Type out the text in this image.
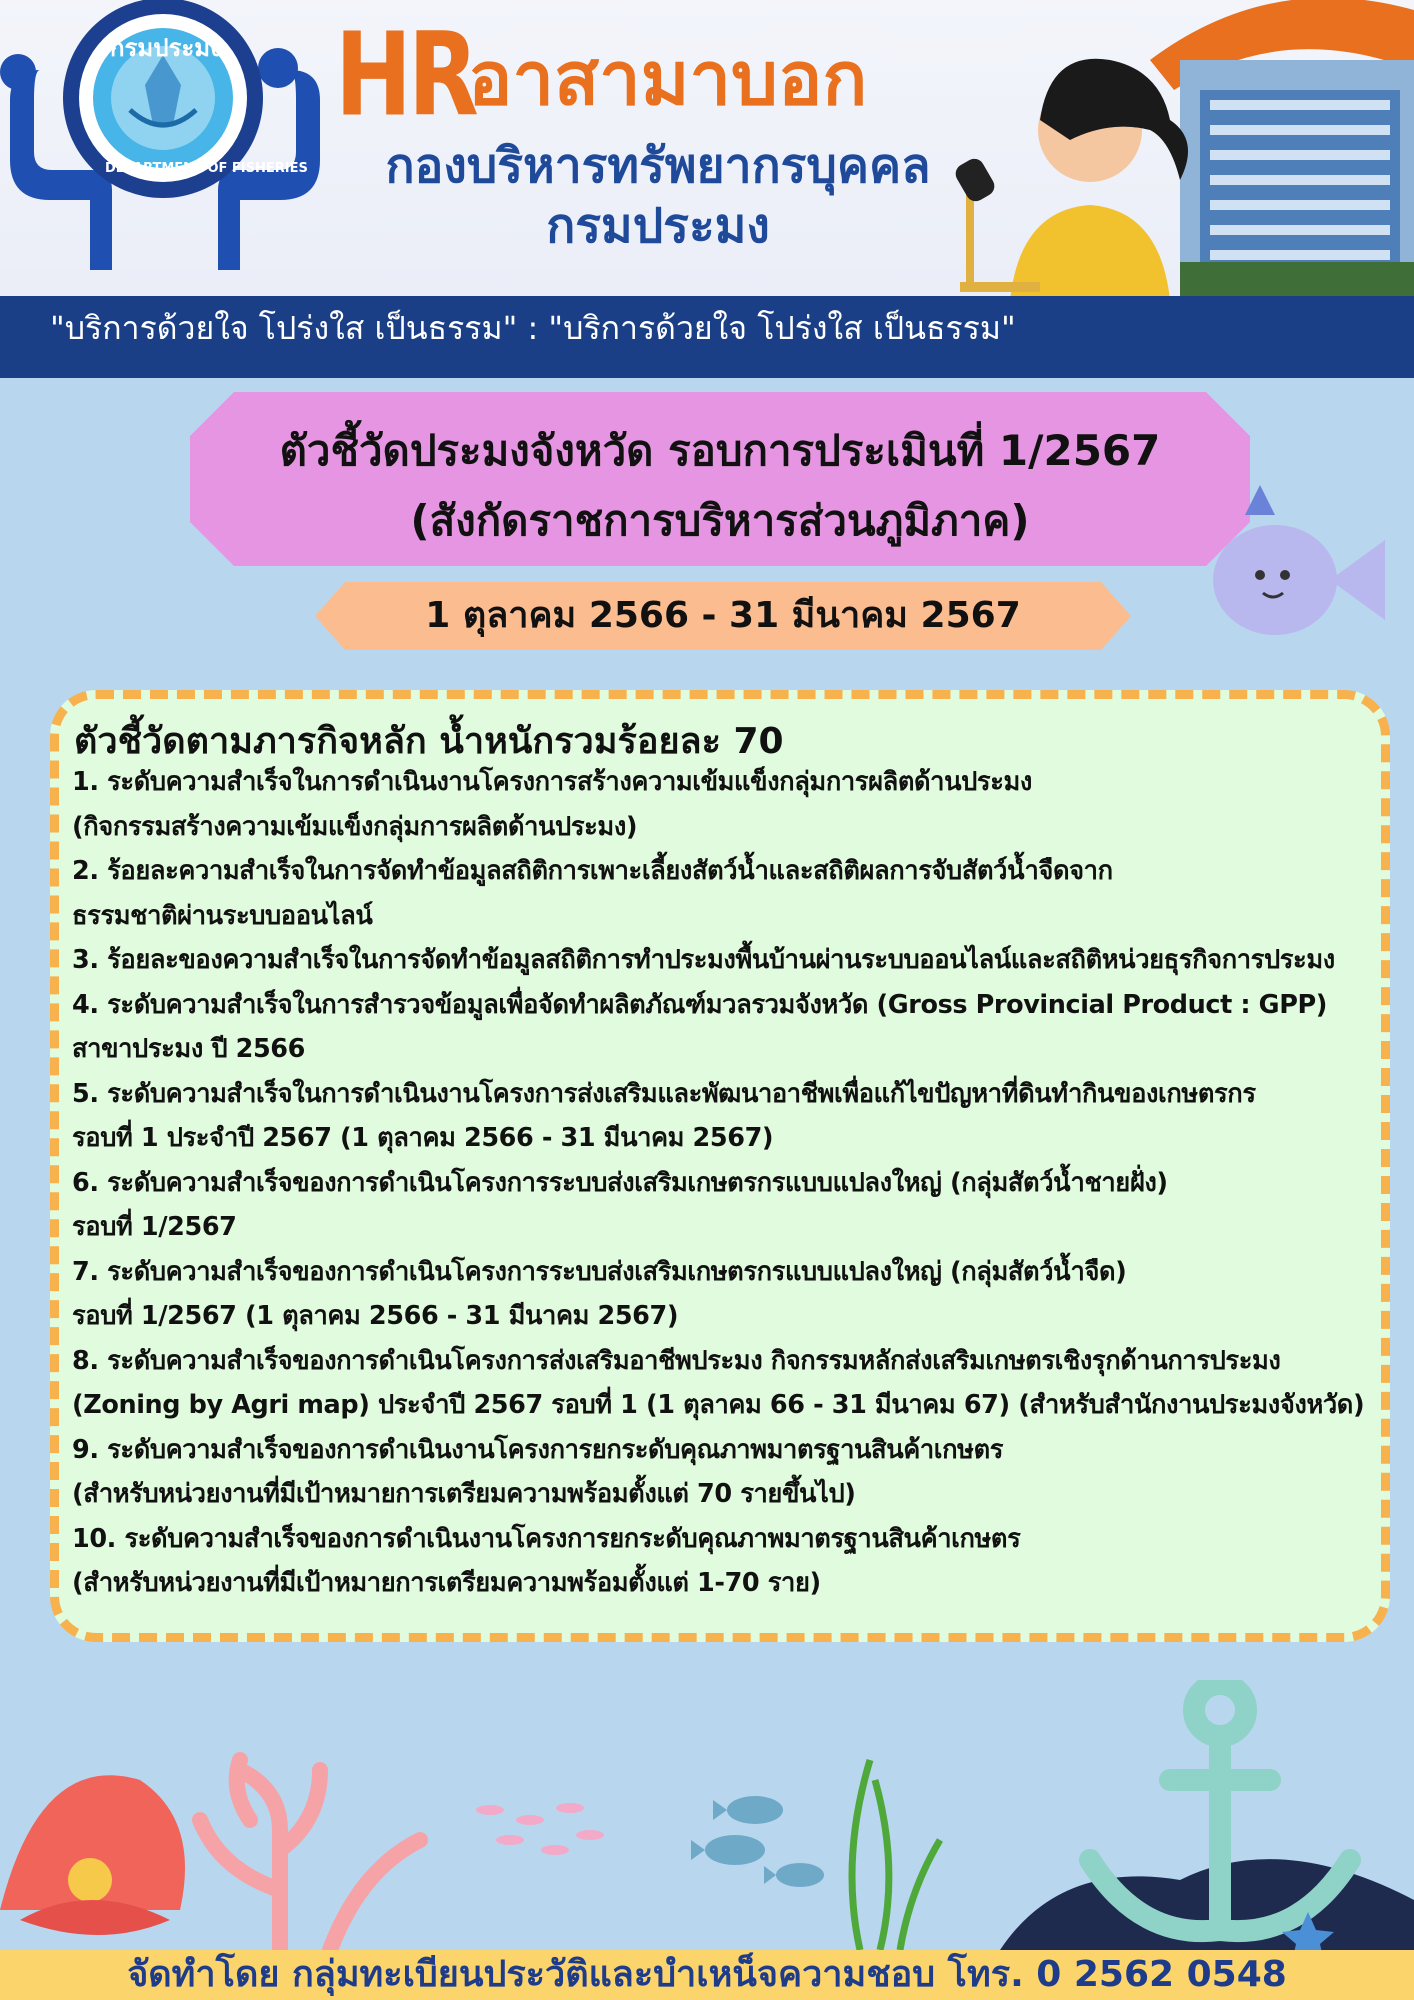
กรมประมง
DEPARTMENT OF FISHERIES
HR
อาสามาบอก
กองบริหารทรัพยากรบุคคล
กรมประมง
"บริการด้วยใจ โปร่งใส เป็นธรรม" : "บริการด้วยใจ โปร่งใส เป็นธรรม"
ตัวชี้วัดประมงจังหวัด รอบการประเมินที่ 1/2567
(สังกัดราชการบริหารส่วนภูมิภาค)
1 ตุลาคม 2566 - 31 มีนาคม 2567
ตัวชี้วัดตามภารกิจหลัก น้ำหนักรวมร้อยละ 70
1. ระดับความสำเร็จในการดำเนินงานโครงการสร้างความเข้มแข็งกลุ่มการผลิตด้านประมง
(กิจกรรมสร้างความเข้มแข็งกลุ่มการผลิตด้านประมง)
2. ร้อยละความสำเร็จในการจัดทำข้อมูลสถิติการเพาะเลี้ยงสัตว์น้ำและสถิติผลการจับสัตว์น้ำจืดจาก
ธรรมชาติผ่านระบบออนไลน์
3. ร้อยละของความสำเร็จในการจัดทำข้อมูลสถิติการทำประมงพื้นบ้านผ่านระบบออนไลน์และสถิติหน่วยธุรกิจการประมง
4. ระดับความสำเร็จในการสำรวจข้อมูลเพื่อจัดทำผลิตภัณฑ์มวลรวมจังหวัด (Gross Provincial Product : GPP)
สาขาประมง ปี 2566
5. ระดับความสำเร็จในการดำเนินงานโครงการส่งเสริมและพัฒนาอาชีพเพื่อแก้ไขปัญหาที่ดินทำกินของเกษตรกร
รอบที่ 1 ประจำปี 2567 (1 ตุลาคม 2566 - 31 มีนาคม 2567)
6. ระดับความสำเร็จของการดำเนินโครงการระบบส่งเสริมเกษตรกรแบบแปลงใหญ่ (กลุ่มสัตว์น้ำชายฝั่ง)
รอบที่ 1/2567
7. ระดับความสำเร็จของการดำเนินโครงการระบบส่งเสริมเกษตรกรแบบแปลงใหญ่ (กลุ่มสัตว์น้ำจืด)
รอบที่ 1/2567 (1 ตุลาคม 2566 - 31 มีนาคม 2567)
8. ระดับความสำเร็จของการดำเนินโครงการส่งเสริมอาชีพประมง กิจกรรมหลักส่งเสริมเกษตรเชิงรุกด้านการประมง
(Zoning by Agri map) ประจำปี 2567 รอบที่ 1 (1 ตุลาคม 66 - 31 มีนาคม 67) (สำหรับสำนักงานประมงจังหวัด)
9. ระดับความสำเร็จของการดำเนินงานโครงการยกระดับคุณภาพมาตรฐานสินค้าเกษตร
(สำหรับหน่วยงานที่มีเป้าหมายการเตรียมความพร้อมตั้งแต่ 70 รายขึ้นไป)
10. ระดับความสำเร็จของการดำเนินงานโครงการยกระดับคุณภาพมาตรฐานสินค้าเกษตร
(สำหรับหน่วยงานที่มีเป้าหมายการเตรียมความพร้อมตั้งแต่ 1-70 ราย)
จัดทำโดย กลุ่มทะเบียนประวัติและบำเหน็จความชอบ โทร. 0 2562 0548
